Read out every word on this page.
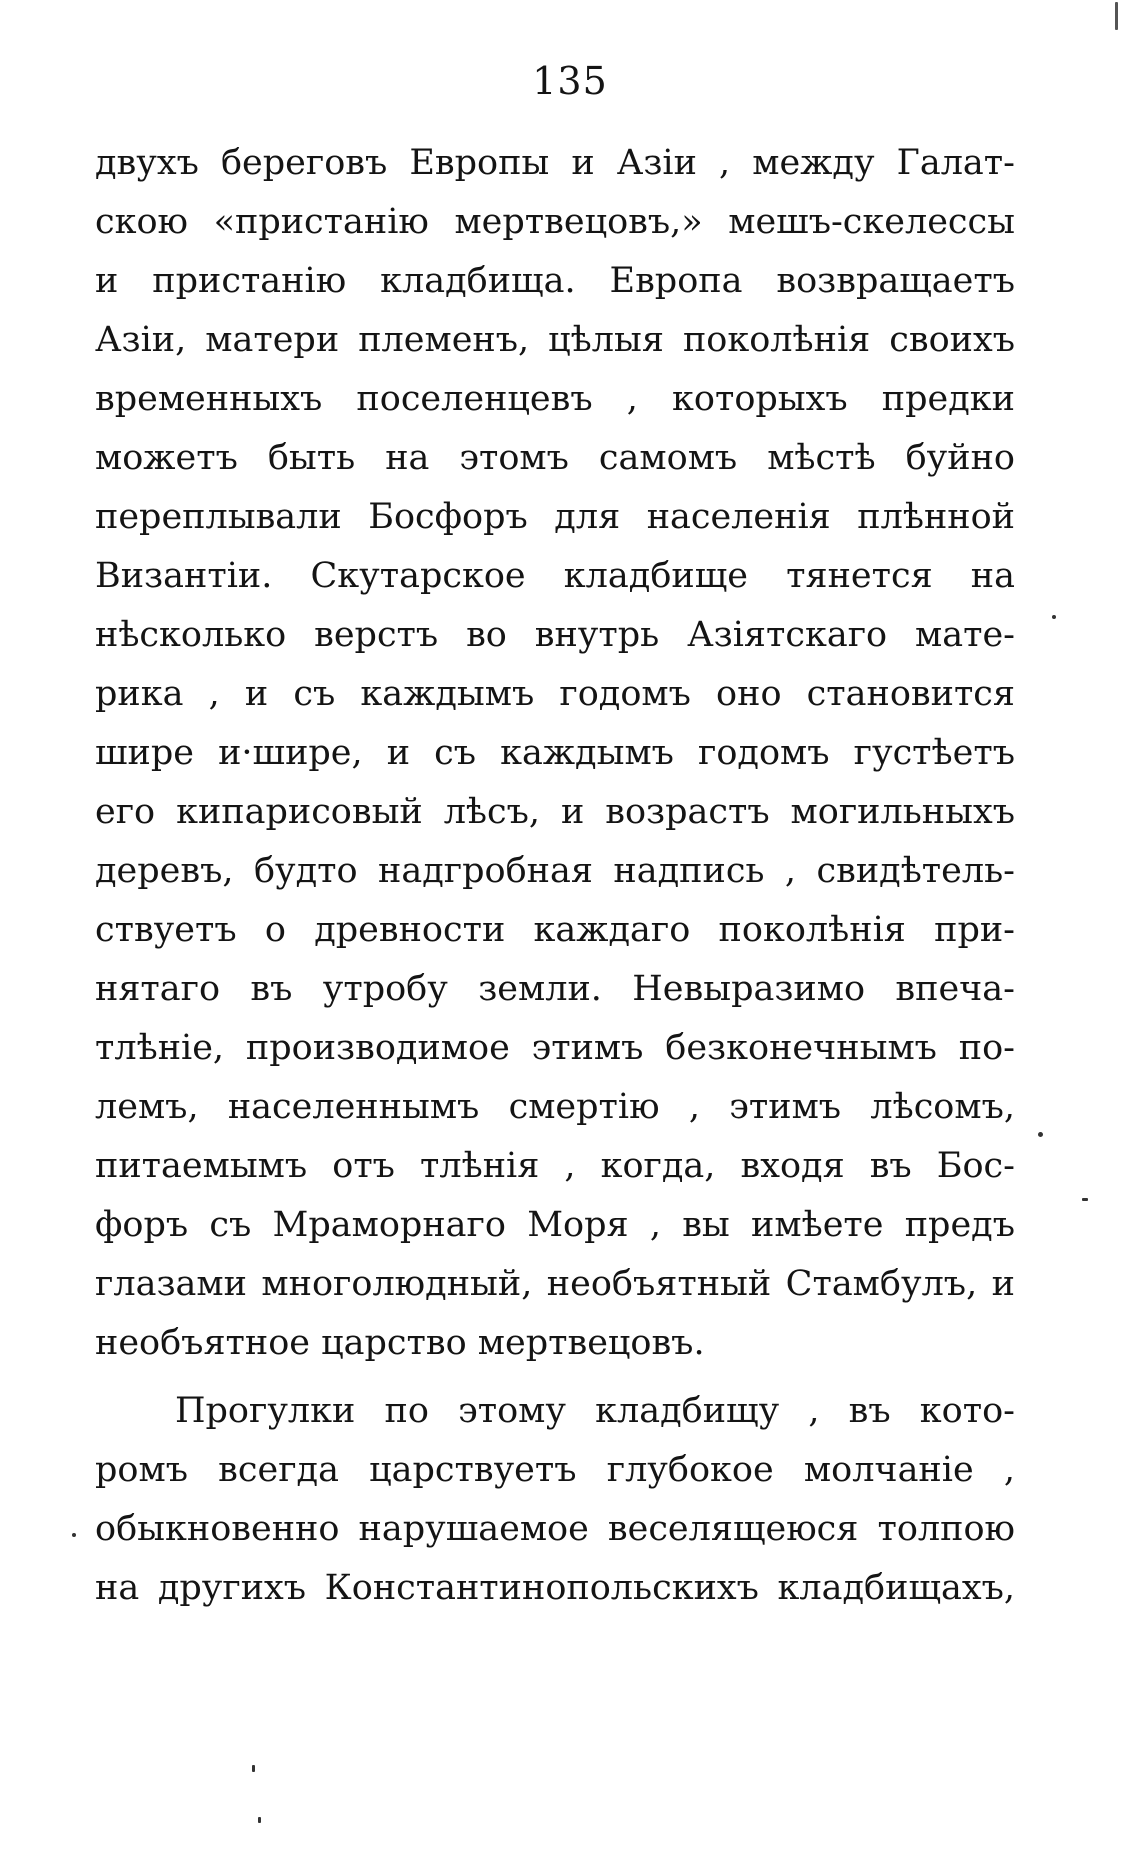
135
двухъ береговъ Европы и Азіи , между Галат-
скою «пристанію мертвецовъ,» мешъ-скелессы
и пристанію кладбища. Европа возвращаетъ
Азіи, матери племенъ, цѣлыя поколѣнія своихъ
временныхъ поселенцевъ , которыхъ предки
можетъ быть на этомъ самомъ мѣстѣ буйно
переплывали Босфоръ для населенія плѣнной
Византіи. Скутарское кладбище тянется на
нѣсколько верстъ во внутрь Азіятскаго мате-
рика , и съ каждымъ годомъ оно становится
шире и·шире, и съ каждымъ годомъ густѣетъ
его кипарисовый лѣсъ, и возрастъ могильныхъ
деревъ, будто надгробная надпись , свидѣтель-
ствуетъ о древности каждаго поколѣнія при-
нятаго въ утробу земли. Невыразимо впеча-
тлѣніе, производимое этимъ безконечнымъ по-
лемъ, населеннымъ смертію , этимъ лѣсомъ,
питаемымъ отъ тлѣнія , когда, входя въ Бос-
форъ съ Мраморнаго Моря , вы имѣете предъ
глазами многолюдный, необъятный Стамбулъ, и
необъятное царство мертвецовъ.
Прогулки по этому кладбищу , въ кото-
ромъ всегда царствуетъ глубокое молчаніе ,
обыкновенно нарушаемое веселящеюся толпою
на другихъ Константинопольскихъ кладбищахъ,
